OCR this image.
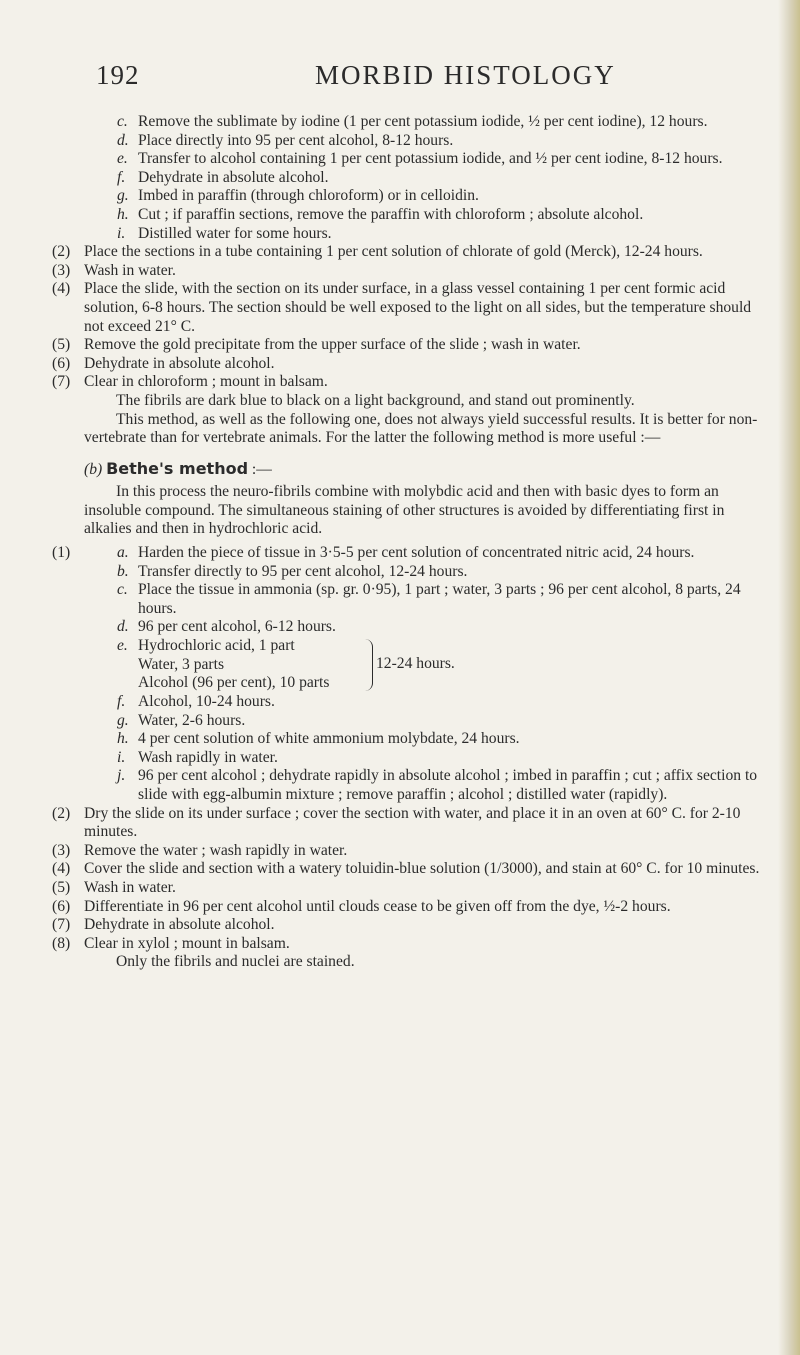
192	MORBID HISTOLOGY

c. Remove the sublimate by iodine (1 per cent potassium iodide, ½ per cent iodine), 12 hours.

d. Place directly into 95 per cent alcohol, 8-12 hours.

e. Transfer to alcohol containing 1 per cent potassium iodide, and ½ per cent iodine, 8-12 hours.

f. Dehydrate in absolute alcohol.

g. Imbed in paraffin (through chloroform) or in celloidin.

h. Cut ; if paraffin sections, remove the paraffin with chloroform ; absolute alcohol.

i. Distilled water for some hours.

(2) Place the sections in a tube containing 1 per cent solution of chlorate of gold (Merck), 12-24 hours.

(3) Wash in water.

(4) Place the slide, with the section on its under surface, in a glass vessel containing 1 per cent formic acid solution, 6-8 hours. The section should be well exposed to the light on all sides, but the temperature should not exceed 21° C.

(5) Remove the gold precipitate from the upper surface of the slide ; wash in water.

(6) Dehydrate in absolute alcohol.

(7) Clear in chloroform ; mount in balsam.

The fibrils are dark blue to black on a light background, and stand out prominently.

This method, as well as the following one, does not always yield successful results. It is better for non-vertebrate than for vertebrate animals. For the latter the following method is more useful :—

(b) Bethe's method :—

In this process the neuro-fibrils combine with molybdic acid and then with basic dyes to form an insoluble compound. The simultaneous staining of other structures is avoided by differentiating first in alkalies and then in hydrochloric acid.

(1)	a. Harden the piece of tissue in 3·5-5 per cent solution of concentrated nitric acid, 24 hours.

b. Transfer directly to 95 per cent alcohol, 12-24 hours.

c. Place the tissue in ammonia (sp. gr. 0·95), 1 part ; water, 3 parts ; 96 per cent alcohol, 8 parts, 24 hours.

d. 96 per cent alcohol, 6-12 hours.

e. Hydrochloric acid, 1 part
Water, 3 parts
Alcohol (96 per cent), 10 parts
12-24 hours.

f. Alcohol, 10-24 hours.

g. Water, 2-6 hours.

h. 4 per cent solution of white ammonium molybdate, 24 hours.

i. Wash rapidly in water.

j. 96 per cent alcohol ; dehydrate rapidly in absolute alcohol ; imbed in paraffin ; cut ; affix section to slide with egg-albumin mixture ; remove paraffin ; alcohol ; distilled water (rapidly).

(2) Dry the slide on its under surface ; cover the section with water, and place it in an oven at 60° C. for 2-10 minutes.

(3) Remove the water ; wash rapidly in water.

(4) Cover the slide and section with a watery toluidin-blue solution (1/3000), and stain at 60° C. for 10 minutes.

(5) Wash in water.

(6) Differentiate in 96 per cent alcohol until clouds cease to be given off from the dye, ½-2 hours.

(7) Dehydrate in absolute alcohol.

(8) Clear in xylol ; mount in balsam.

Only the fibrils and nuclei are stained.
